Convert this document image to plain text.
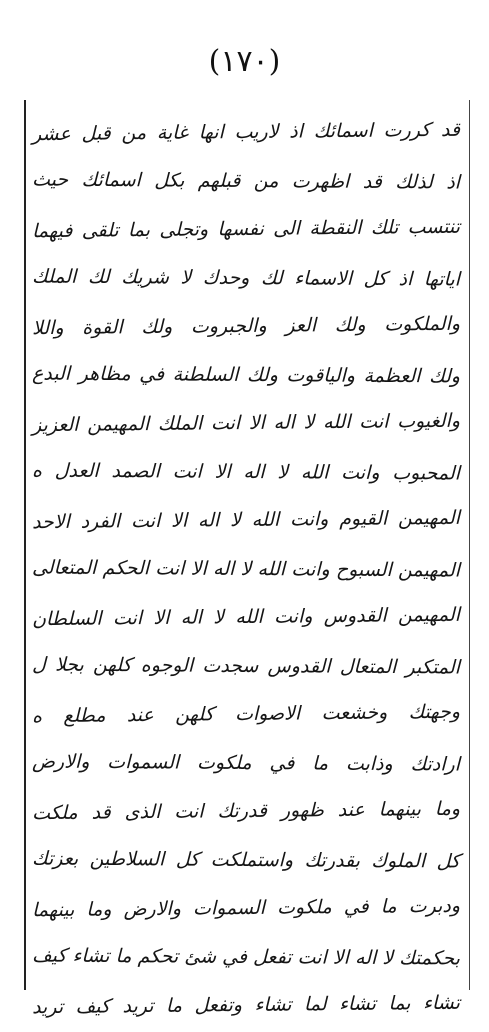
(۱۷۰)
قد كررت اسمائك اذ لاريب انها غاية من قبل عشر
اذ لذلك قد اظهرت من قبلهم بكل اسمائك حيث
تنتسب تلك النقطة الى نفسها وتجلى بما تلقى فيهما
اياتها اذ كل الاسماء لك وحدك لا شريك لك الملك
والملكوت ولك العز والجبروت ولك القوة واللا
ولك العظمة والياقوت ولك السلطنة في مظاهر البدع
والغيوب انت الله لا اله الا انت الملك المهيمن العزيز
المحبوب وانت الله لا اله الا انت الصمد العدل ه
المهيمن القيوم وانت الله لا اله الا انت الفرد الاحد
المهيمن السبوح وانت الله لا اله الا انت الحكم المتعالى
المهيمن القدوس وانت الله لا اله الا انت السلطان
المتكبر المتعال القدوس سجدت الوجوه كلهن بجلا ل
وجهتك وخشعت الاصوات كلهن عند مطلع ه
ارادتك وذابت ما في ملكوت السموات والارض
وما بينهما عند ظهور قدرتك انت الذى قد ملكت
كل الملوك بقدرتك واستملكت كل السلاطين بعزتك
ودبرت ما في ملكوت السموات والارض وما بينهما
بحكمتك لا اله الا انت تفعل في شئ تحكم ما تشاء كيف
تشاء بما تشاء لما تشاء وتفعل ما تريد كيف تريد
